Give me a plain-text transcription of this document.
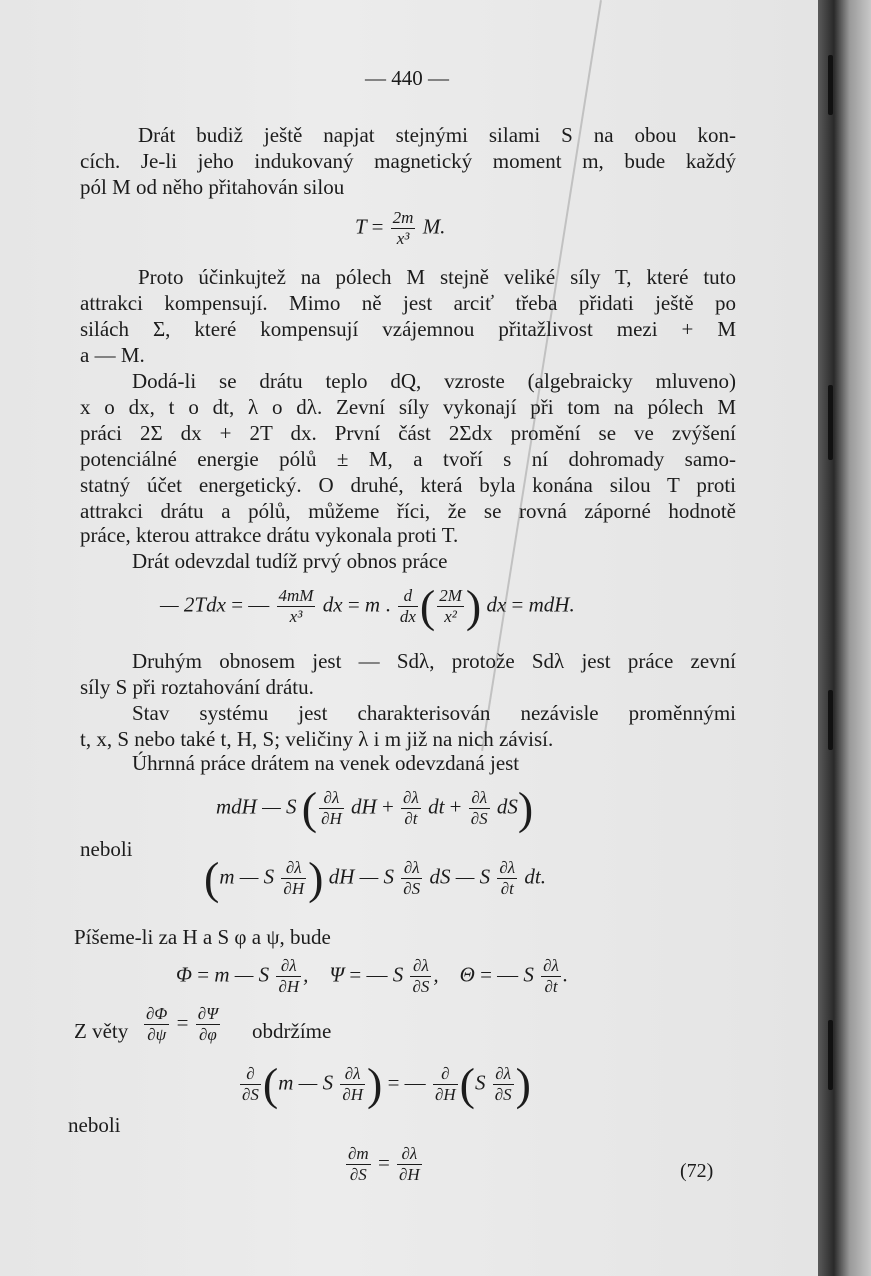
— 440 —
Drát budiž ještě napjat stejnými silami S na obou kon-
cích. Je-li jeho indukovaný magnetický moment m, bude každý
pól M od něho přitahován silou
$T = \frac{2m}{\text{x³}} M$.
Proto účinkujtež na pólech M stejně veliké síly T, které tuto
attrakci kompensují. Mimo ně jest arciť třeba přidati ještě po
silách Σ, které kompensují vzájemnou přitažlivost mezi + M
a — M.
Dodá-li se drátu teplo dQ, vzroste (algebraicky mluveno)
x o dx, t o dt, λ o dλ. Zevní síly vykonají při tom na pólech M
práci 2Σ dx + 2T dx. První část 2Σdx promění se ve zvýšení
potenciálné energie pólů ± M, a tvoří s ní dohromady samo-
statný účet energetický. O druhé, která byla konána silou T proti
attrakci drátu a pólů, můžeme říci, že se rovná záporné hodnotě
práce, kterou attrakce drátu vykonala proti T.
Drát odevzdal tudíž prvý obnos práce
— 2Tdx = — $\frac{4mM}{\text{x³}}$ dx = m . $\frac{d}{dx}$ ( $\frac{2M}{\text{x²}}$ ) dx = mdH.
Druhým obnosem jest — Sdλ, protože Sdλ jest práce zevní
síly S při roztahování drátu.
Stav systému jest charakterisován nezávisle proměnnými
t, x, S nebo také t, H, S; veličiny λ i m již na nich závisí.
Úhrnná práce drátem na venek odevzdaná jest
mdH — S ( $\frac{\partial\lambda}{\partial H}$ dH + $\frac{\partial\lambda}{\partial t}$ dt + $\frac{\partial\lambda}{\partial S} dS$)
neboli
(m — S $\frac{\partial\lambda}{\partial H}$ ) dH — S $\frac{\partial\lambda}{\partial S}$ dS — S $\frac{\partial\lambda}{\partial t}$ dt.
Píšeme-li za H a S φ a ψ, bude
Φ = m — S $\frac{\partial\lambda}{\partial H}$ ,    Ψ = — S $\frac{\partial\lambda}{\partial S}$ ,    Θ = — S $\frac{\partial\lambda}{\partial t}$ .
Z věty $\frac{\partial\Phi}{\partial\psi} = \frac{\partial\Psi}{\partial\varphi}$ obdržíme
$\frac{\partial}{\partial S} (m$ — S $\frac{\partial\lambda}{\partial H}$ ) = — $\frac{\partial}{\partial H} (S \frac{\partial\lambda}{\partial S}$ )
neboli
$\frac{\partial m}{\partial S} = \frac{\partial\lambda}{\partial H}$	(72)
